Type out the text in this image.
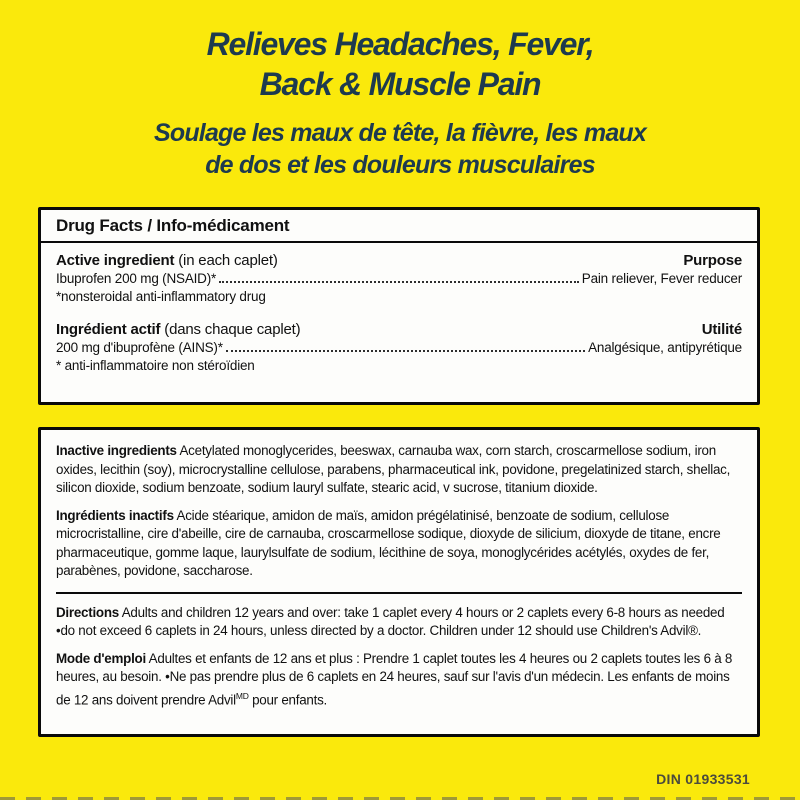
Relieves Headaches, Fever,
Back & Muscle Pain
Soulage les maux de tête, la fièvre, les maux
de dos et les douleurs musculaires
Drug Facts / Info-médicament
Active ingredient (in each caplet)	Purpose
Ibuprofen 200 mg (NSAID)*	Pain reliever, Fever reducer
*nonsteroidal anti-inflammatory drug
Ingrédient actif (dans chaque caplet)	Utilité
200 mg d'ibuprofène (AINS)*	Analgésique, antipyrétique
* anti-inflammatoire non stéroïdien

Inactive ingredients Acetylated monoglycerides, beeswax, carnauba wax, corn starch, croscarmellose sodium, iron oxides, lecithin (soy), microcrystalline cellulose, parabens, pharmaceutical ink, povidone, pregelatinized starch, shellac, silicon dioxide, sodium benzoate, sodium lauryl sulfate, stearic acid, v sucrose, titanium dioxide.

Ingrédients inactifs Acide stéarique, amidon de maïs, amidon prégélatinisé, benzoate de sodium, cellulose microcristalline, cire d'abeille, cire de carnauba, croscarmellose sodique, dioxyde de silicium, dioxyde de titane, encre pharmaceutique, gomme laque, laurylsulfate de sodium, lécithine de soya, monoglycérides acétylés, oxydes de fer, parabènes, povidone, saccharose.

Directions Adults and children 12 years and over: take 1 caplet every 4 hours or 2 caplets every 6-8 hours as needed •do not exceed 6 caplets in 24 hours, unless directed by a doctor. Children under 12 should use Children's Advil®.

Mode d'emploi Adultes et enfants de 12 ans et plus : Prendre 1 caplet toutes les 4 heures ou 2 caplets toutes les 6 à 8 heures, au besoin. •Ne pas prendre plus de 6 caplets en 24 heures, sauf sur l'avis d'un médecin. Les enfants de moins de 12 ans doivent prendre Advil$^{MD}$ pour enfants.

DIN 01933531
